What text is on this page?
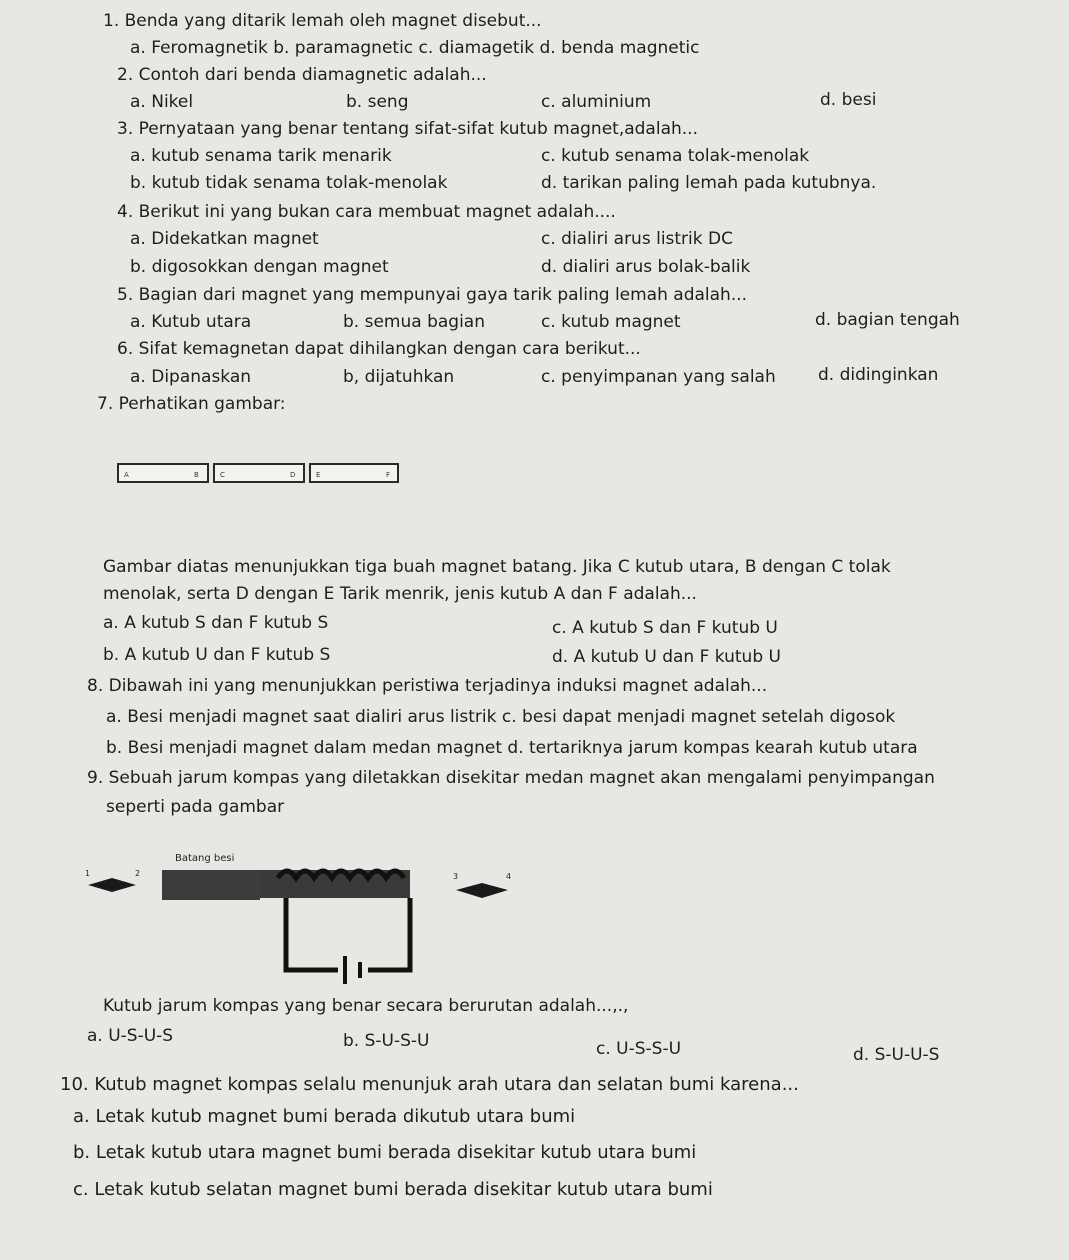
1. Benda yang ditarik lemah oleh magnet disebut...
a. Feromagnetik b. paramagnetic c. diamagetik d. benda magnetic
2. Contoh dari benda diamagnetic adalah...
a. Nikel	b. seng	c. aluminium	d. besi
3. Pernyataan yang benar tentang sifat-sifat kutub magnet,adalah...
a. kutub senama tarik menarik	c. kutub senama tolak-menolak
b. kutub tidak senama tolak-menolak	d. tarikan paling lemah pada kutubnya.
4. Berikut ini yang bukan cara membuat magnet adalah....
a. Didekatkan magnet	c. dialiri arus listrik DC
b. digosokkan dengan magnet	d. dialiri arus bolak-balik
5. Bagian dari magnet yang mempunyai gaya tarik paling lemah adalah...
a. Kutub utara	b. semua bagian	c. kutub magnet	d. bagian tengah
6. Sifat kemagnetan dapat dihilangkan dengan cara berikut...
a. Dipanaskan	b, dijatuhkan	c. penyimpanan yang salah d. didinginkan
7. Perhatikan gambar:
A	B	C	D	E	F
Gambar diatas menunjukkan tiga buah magnet batang. Jika C kutub utara, B dengan C tolak
menolak, serta D dengan E Tarik menrik, jenis kutub A dan F adalah...
a. A kutub S dan F kutub S	c. A kutub S dan F kutub U
b. A kutub U dan F kutub S	d. A kutub U dan F kutub U
8. Dibawah ini yang menunjukkan peristiwa terjadinya induksi magnet adalah...
a. Besi menjadi magnet saat dialiri arus listrik c. besi dapat menjadi magnet setelah digosok
b. Besi menjadi magnet dalam medan magnet d. tertariknya jarum kompas kearah kutub utara
9. Sebuah jarum kompas yang diletakkan disekitar medan magnet akan mengalami penyimpangan
seperti pada gambar
Batang besi
1	2	3	4
Kutub jarum kompas yang benar secara berurutan adalah...,.,
a. U-S-U-S	b. S-U-S-U	c. U-S-S-U	d. S-U-U-S
10. Kutub magnet kompas selalu menunjuk arah utara dan selatan bumi karena...
a. Letak kutub magnet bumi berada dikutub utara bumi
b. Letak kutub utara magnet bumi berada disekitar kutub utara bumi
c. Letak kutub selatan magnet bumi berada disekitar kutub utara bumi
